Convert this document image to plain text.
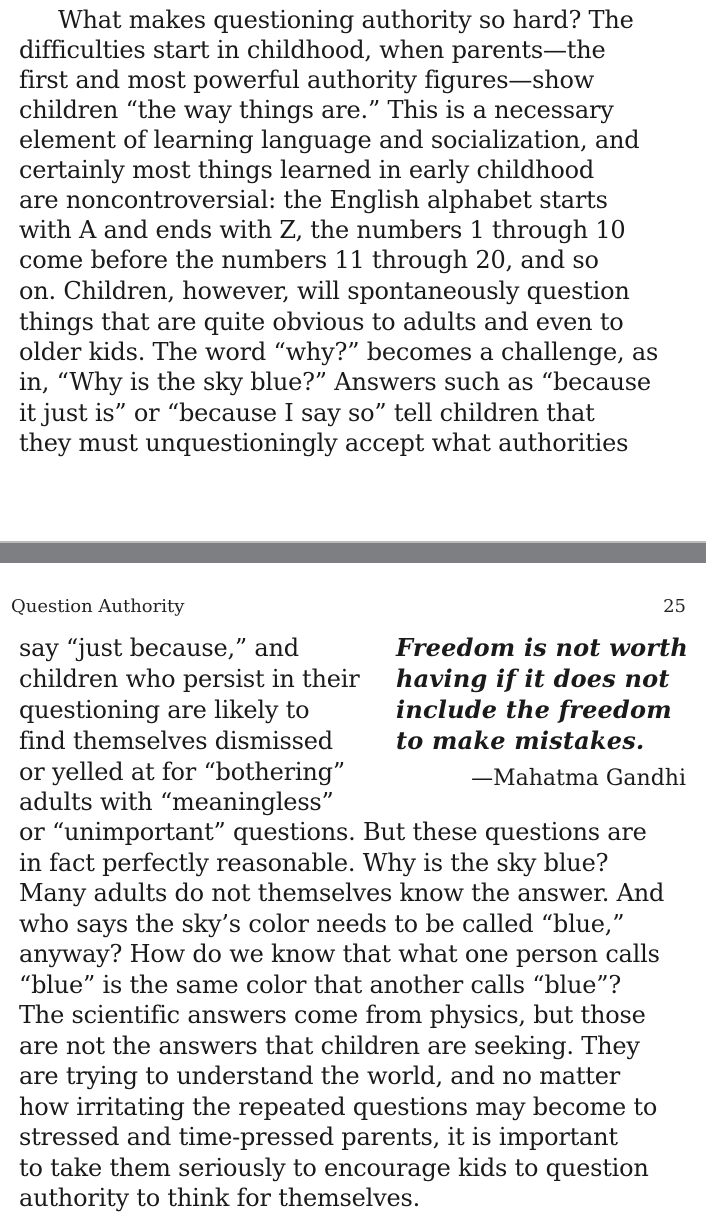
What makes questioning authority so hard? The
difficulties start in childhood, when parents—the
first and most powerful authority figures—show
children “the way things are.” This is a necessary
element of learning language and socialization, and
certainly most things learned in early childhood
are noncontroversial: the English alphabet starts
with A and ends with Z, the numbers 1 through 10
come before the numbers 11 through 20, and so
on. Children, however, will spontaneously question
things that are quite obvious to adults and even to
older kids. The word “why?” becomes a challenge, as
in, “Why is the sky blue?” Answers such as “because
it just is” or “because I say so” tell children that
they must unquestioningly accept what authorities
Question Authority	25
Freedom is not worth
having if it does not
include the freedom
to make mistakes.
—Mahatma Gandhi
say “just because,” and
children who persist in their
questioning are likely to
find themselves dismissed
or yelled at for “bothering”
adults with “meaningless”
or “unimportant” questions. But these questions are
in fact perfectly reasonable. Why is the sky blue?
Many adults do not themselves know the answer. And
who says the sky’s color needs to be called “blue,”
anyway? How do we know that what one person calls
“blue” is the same color that another calls “blue”?
The scientific answers come from physics, but those
are not the answers that children are seeking. They
are trying to understand the world, and no matter
how irritating the repeated questions may become to
stressed and time-pressed parents, it is important
to take them seriously to encourage kids to question
authority to think for themselves.
